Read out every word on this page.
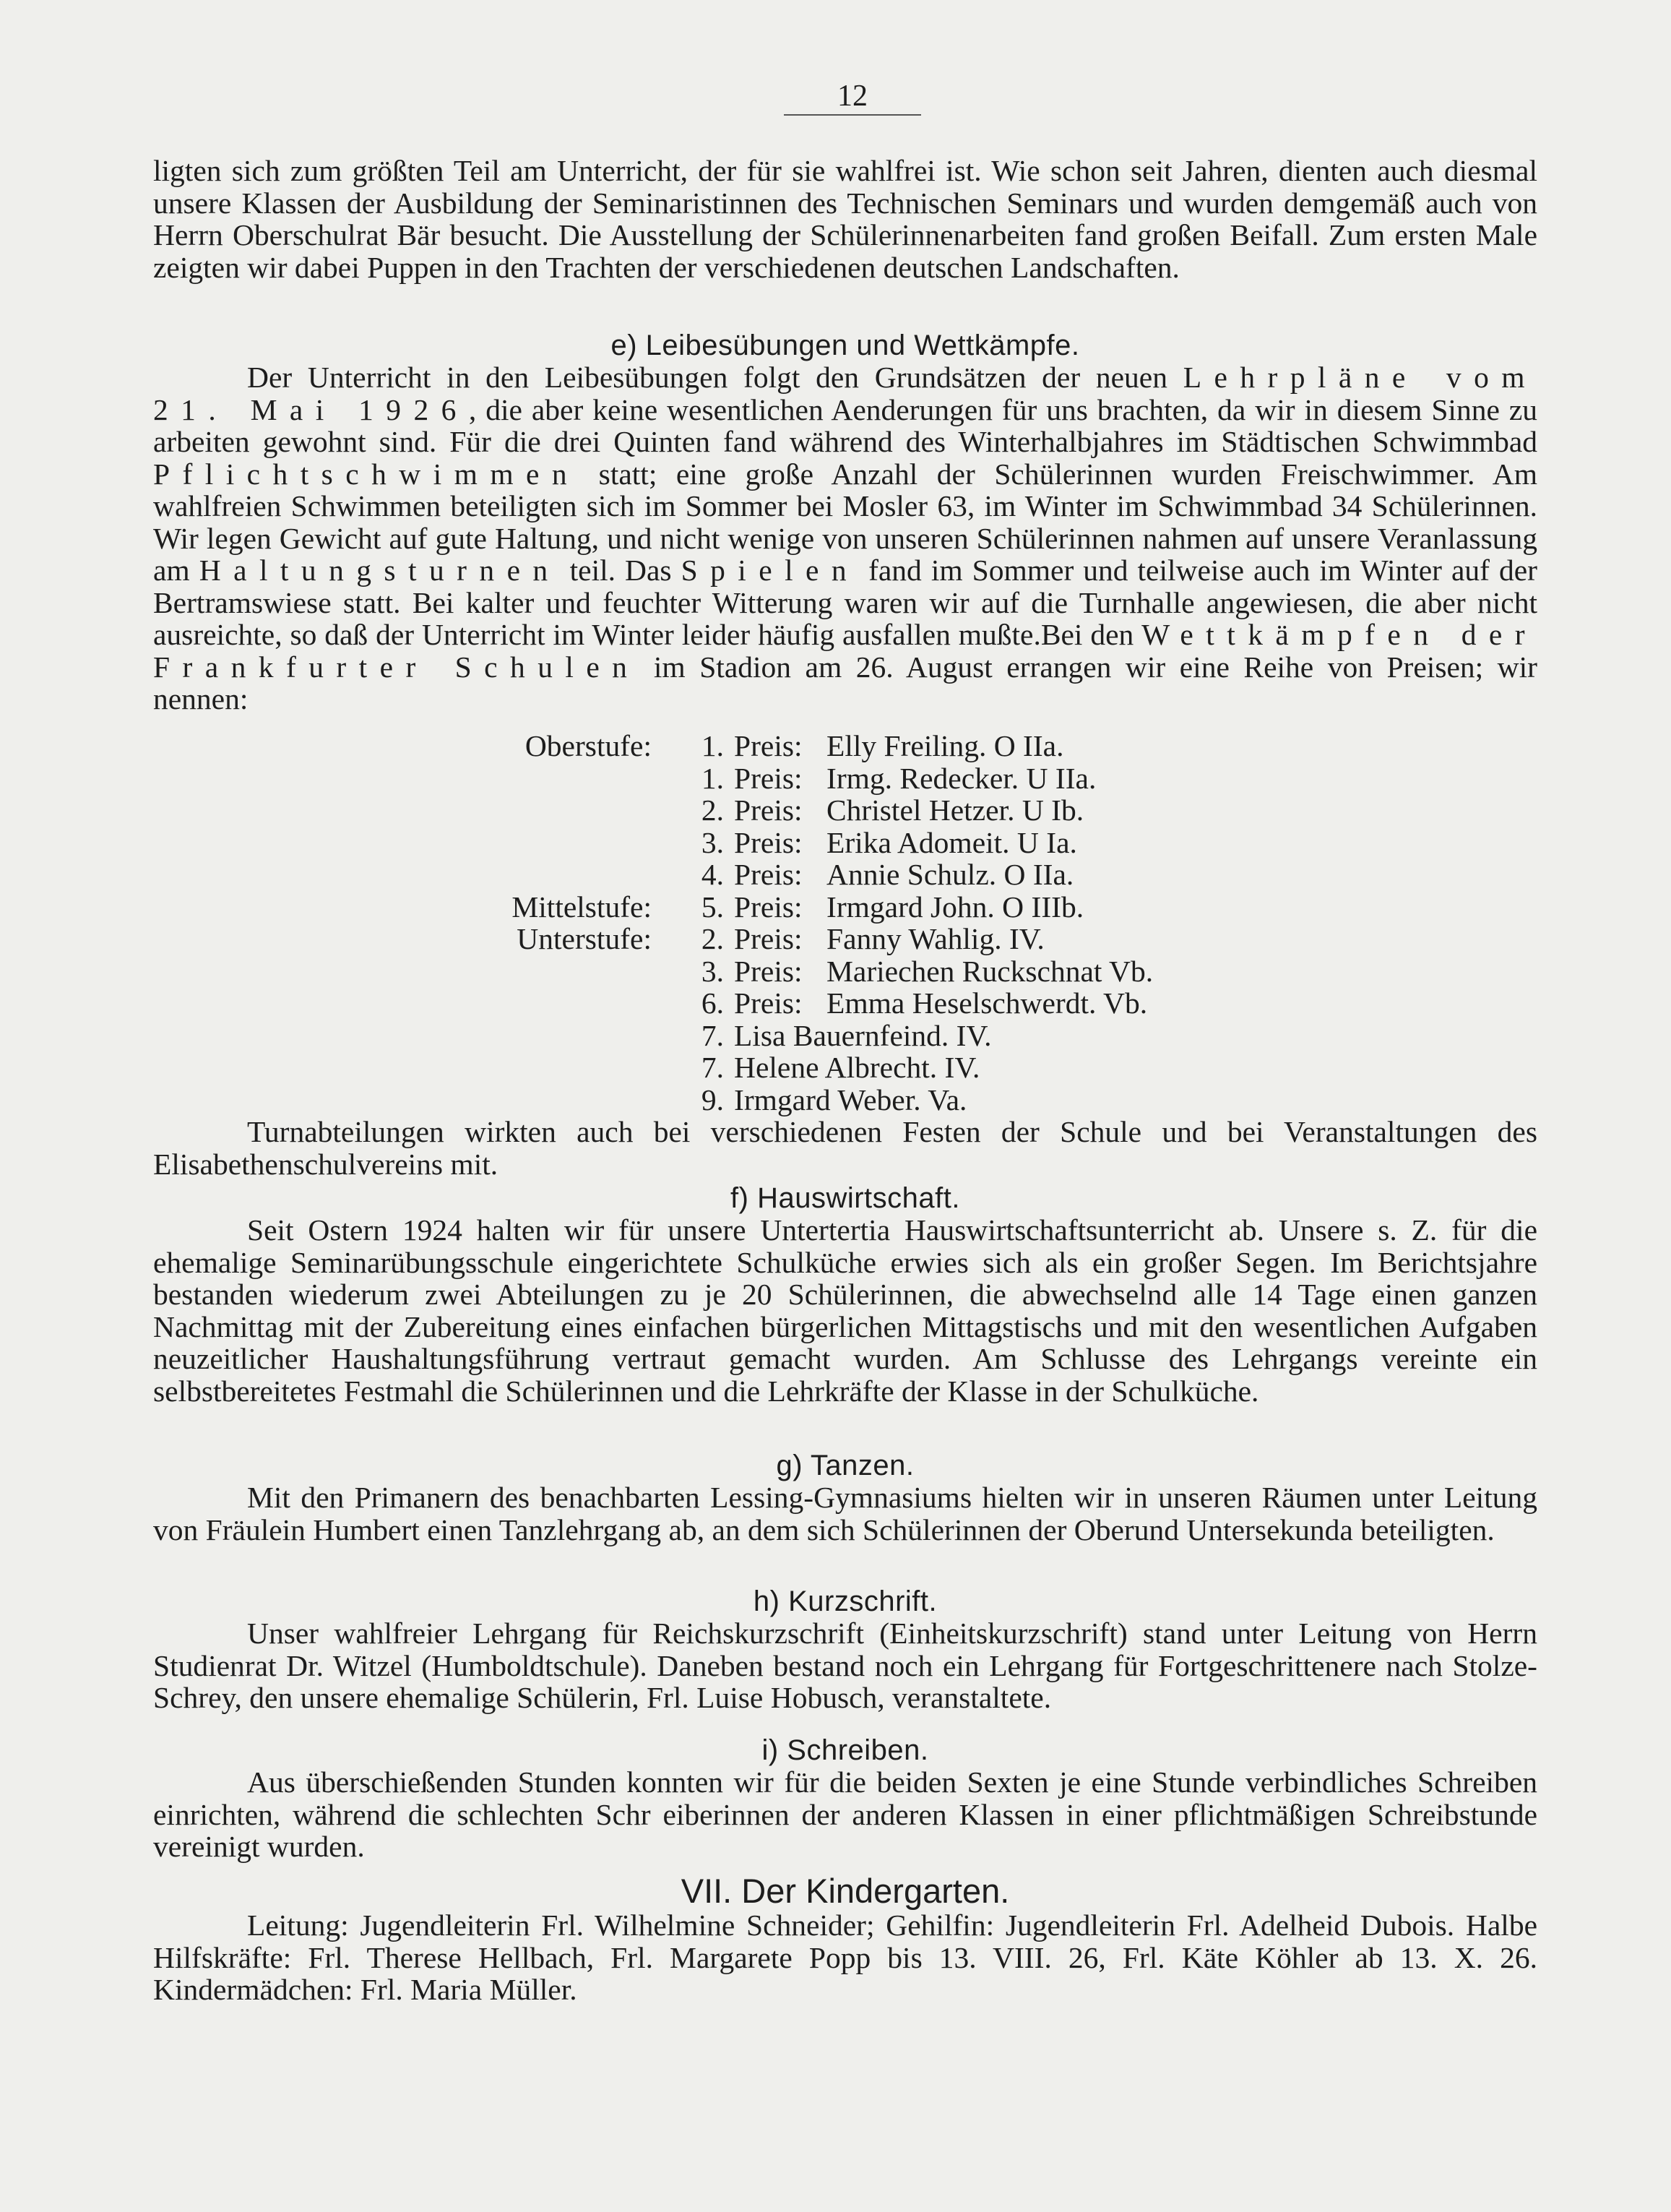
12

ligten sich zum größten Teil am Unterricht, der für sie wahlfrei ist. Wie schon seit Jahren, dienten auch diesmal unsere Klassen der Ausbildung der Seminaristinnen des Technischen Seminars und wurden demgemäß auch von Herrn Oberschulrat Bär besucht. Die Ausstellung der Schülerinnenarbeiten fand großen Beifall. Zum ersten Male zeigten wir dabei Puppen in den Trachten der verschiedenen deutschen Landschaften.

e) Leibesübungen und Wettkämpfe.

Der Unterricht in den Leibesübungen folgt den Grundsätzen der neuen Lehrpläne vom 21. Mai 1926, die aber keine wesentlichen Aenderungen für uns brachten, da wir in diesem Sinne zu arbeiten gewohnt sind. Für die drei Quinten fand während des Winterhalbjahres im Städtischen Schwimmbad Pflichtschwimmen statt; eine große Anzahl der Schülerinnen wurden Freischwimmer. Am wahlfreien Schwimmen beteiligten sich im Sommer bei Mosler 63, im Winter im Schwimmbad 34 Schülerinnen. Wir legen Gewicht auf gute Haltung, und nicht wenige von unseren Schülerinnen nahmen auf unsere Veranlassung am Haltungsturnen teil. Das Spielen fand im Sommer und teilweise auch im Winter auf der Bertramswiese statt. Bei kalter und feuchter Witterung waren wir auf die Turnhalle angewiesen, die aber nicht ausreichte, so daß der Unterricht im Winter leider häufig ausfallen mußte.Bei den Wettkämpfen der Frankfurter Schulen im Stadion am 26. August errangen wir eine Reihe von Preisen; wir nennen:

Oberstufe:	1. Preis: Elly Freiling. O IIa.
1. Preis: Irmg. Redecker. U IIa.
2. Preis: Christel Hetzer. U Ib.
3. Preis: Erika Adomeit. U Ia.
4. Preis: Annie Schulz. O IIa.
Mittelstufe:	5. Preis: Irmgard John. O IIIb.
Unterstufe:	2. Preis: Fanny Wahlig. IV.
3. Preis: Mariechen Ruckschnat Vb.
6. Preis: Emma Heselschwerdt. Vb.
7. Lisa Bauernfeind. IV.
7. Helene Albrecht. IV.
9. Irmgard Weber. Va.

Turnabteilungen wirkten auch bei verschiedenen Festen der Schule und bei Veranstaltungen des Elisabethenschulvereins mit.

f) Hauswirtschaft.

Seit Ostern 1924 halten wir für unsere Untertertia Hauswirtschaftsunterricht ab. Unsere s. Z. für die ehemalige Seminarübungsschule eingerichtete Schulküche erwies sich als ein großer Segen. Im Berichtsjahre bestanden wiederum zwei Abteilungen zu je 20 Schülerinnen, die abwechselnd alle 14 Tage einen ganzen Nachmittag mit der Zubereitung eines einfachen bürgerlichen Mittagstischs und mit den wesentlichen Aufgaben neuzeitlicher Haushaltungsführung vertraut gemacht wurden. Am Schlusse des Lehrgangs vereinte ein selbstbereitetes Festmahl die Schülerinnen und die Lehrkräfte der Klasse in der Schulküche.

g) Tanzen.

Mit den Primanern des benachbarten Lessing-Gymnasiums hielten wir in unseren Räumen unter Leitung von Fräulein Humbert einen Tanzlehrgang ab, an dem sich Schülerinnen der Oberund Untersekunda beteiligten.

h) Kurzschrift.

Unser wahlfreier Lehrgang für Reichskurzschrift (Einheitskurzschrift) stand unter Leitung von Herrn Studienrat Dr. Witzel (Humboldtschule). Daneben bestand noch ein Lehrgang für Fortgeschrittenere nach Stolze-Schrey, den unsere ehemalige Schülerin, Frl. Luise Hobusch, veranstaltete.

i) Schreiben.

Aus überschießenden Stunden konnten wir für die beiden Sexten je eine Stunde verbindliches Schreiben einrichten, während die schlechten Schr eiberinnen der anderen Klassen in einer pflichtmäßigen Schreibstunde vereinigt wurden.

VII. Der Kindergarten.

Leitung: Jugendleiterin Frl. Wilhelmine Schneider; Gehilfin: Jugendleiterin Frl. Adelheid Dubois. Halbe Hilfskräfte: Frl. Therese Hellbach, Frl. Margarete Popp bis 13. VIII. 26, Frl. Käte Köhler ab 13. X. 26. Kindermädchen: Frl. Maria Müller.
